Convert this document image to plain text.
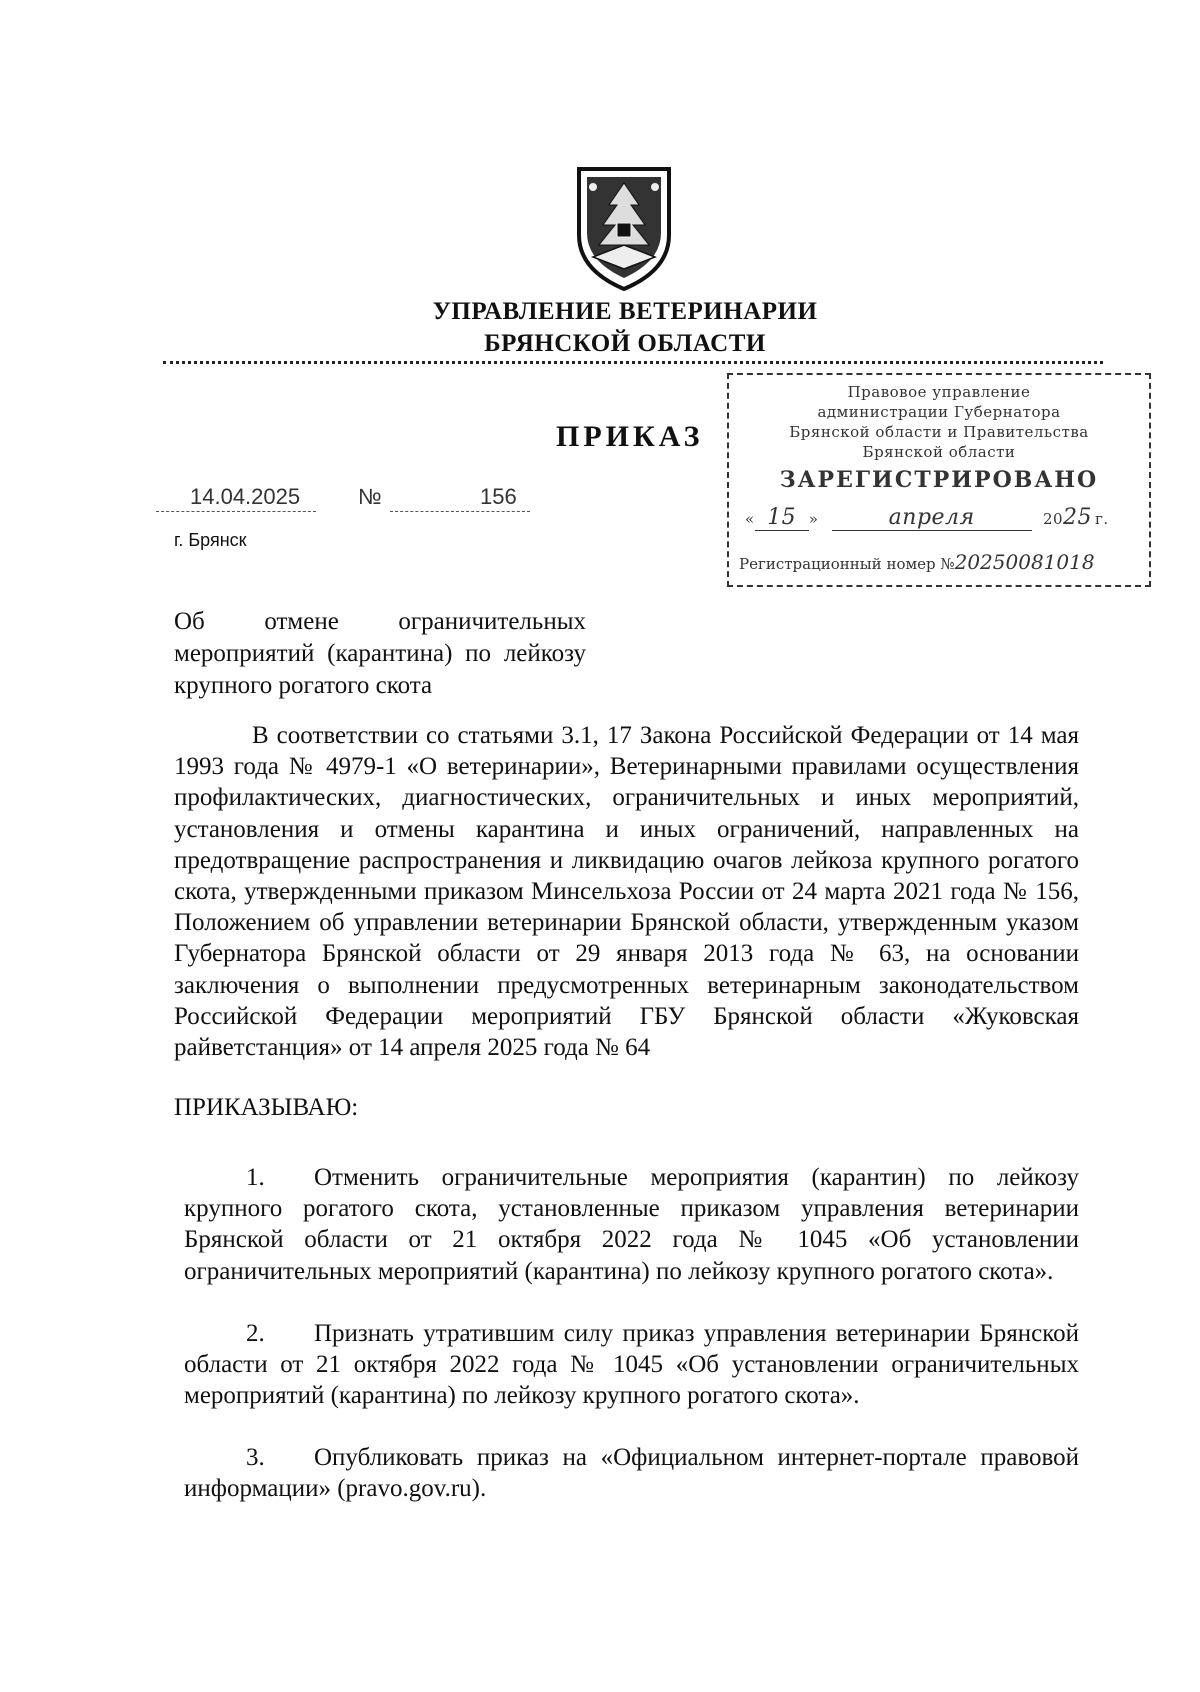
УПРАВЛЕНИЕ ВЕТЕРИНАРИИ
БРЯНСКОЙ ОБЛАСТИ
ПРИКАЗ
Правовое управление
администрации Губернатора
Брянской области и Правительства
Брянской области
ЗАРЕГИСТРИРОВАНО
« 15 »	апреля	2025 г.
Регистрационный номер №20250081018
14.04.2025	№	156
г. Брянск
Об отмене ограничительных мероприятий (карантина) по лейкозу крупного рогатого скота
В соответствии со статьями 3.1, 17 Закона Российской Федерации от 14 мая 1993 года № 4979-1 «О ветеринарии», Ветеринарными правилами осуществления профилактических, диагностических, ограничительных и иных мероприятий, установления и отмены карантина и иных ограничений, направленных на предотвращение распространения и ликвидацию очагов лейкоза крупного рогатого скота, утвержденными приказом Минсельхоза России от 24 марта 2021 года № 156, Положением об управлении ветеринарии Брянской области, утвержденным указом Губернатора Брянской области от 29 января 2013 года № 63, на основании заключения о выполнении предусмотренных ветеринарным законодательством Российской Федерации мероприятий ГБУ Брянской области «Жуковская райветстанция» от 14 апреля 2025 года № 64
ПРИКАЗЫВАЮ:
1. Отменить ограничительные мероприятия (карантин) по лейкозу крупного рогатого скота, установленные приказом управления ветеринарии Брянской области от 21 октября 2022 года № 1045 «Об установлении ограничительных мероприятий (карантина) по лейкозу крупного рогатого скота».
2. Признать утратившим силу приказ управления ветеринарии Брянской области от 21 октября 2022 года № 1045 «Об установлении ограничительных мероприятий (карантина) по лейкозу крупного рогатого скота».
3. Опубликовать приказ на «Официальном интернет-портале правовой информации» (pravo.gov.ru).
